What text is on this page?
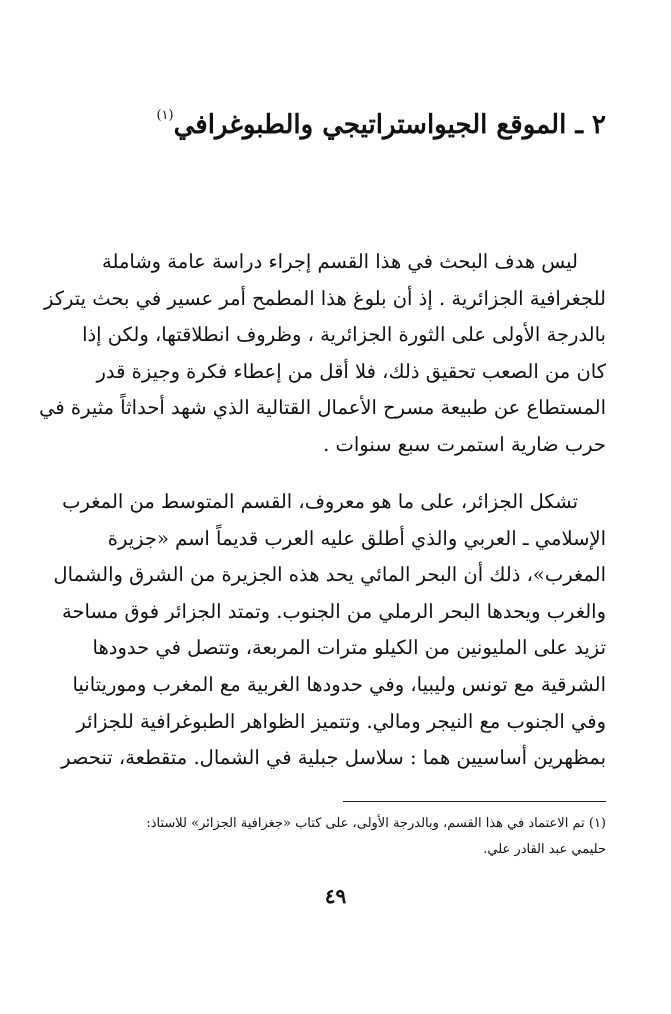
٢ ـ الموقع الجيواستراتيجي والطبوغرافي$^{(١)}$
ليس هدف البحث في هذا القسم إجراء دراسة عامة وشاملة
للجغرافية الجزائرية . إذ أن بلوغ هذا المطمح أمر عسير في بحث يتركز
بالدرجة الأولى على الثورة الجزائرية ، وظروف انطلاقتها، ولكن إذا
كان من الصعب تحقيق ذلك، فلا أقل من إعطاء فكرة وجيزة قدر
المستطاع عن طبيعة مسرح الأعمال القتالية الذي شهد أحداثاً مثيرة في
حرب ضارية استمرت سبع سنوات .
تشكل الجزائر، على ما هو معروف، القسم المتوسط من المغرب
الإسلامي ـ العربي والذي أطلق عليه العرب قديماً اسم «جزيرة
المغرب»، ذلك أن البحر المائي يحد هذه الجزيرة من الشرق والشمال
والغرب ويحدها البحر الرملي من الجنوب. وتمتد الجزائر فوق مساحة
تزيد على المليونين من الكيلو مترات المربعة، وتتصل في حدودها
الشرقية مع تونس وليبيا، وفي حدودها الغربية مع المغرب وموريتانيا
وفي الجنوب مع النيجر ومالي. وتتميز الظواهر الطبوغرافية للجزائر
بمظهرين أساسيين هما : سلاسل جبلية في الشمال. متقطعة، تنحصر
(١) تم الاعتماد في هذا القسم، وبالدرجة الأولى، على كتاب «جغرافية الجزائر» للاستاذ:
حليمي عبد القادر علي.
٤٩
